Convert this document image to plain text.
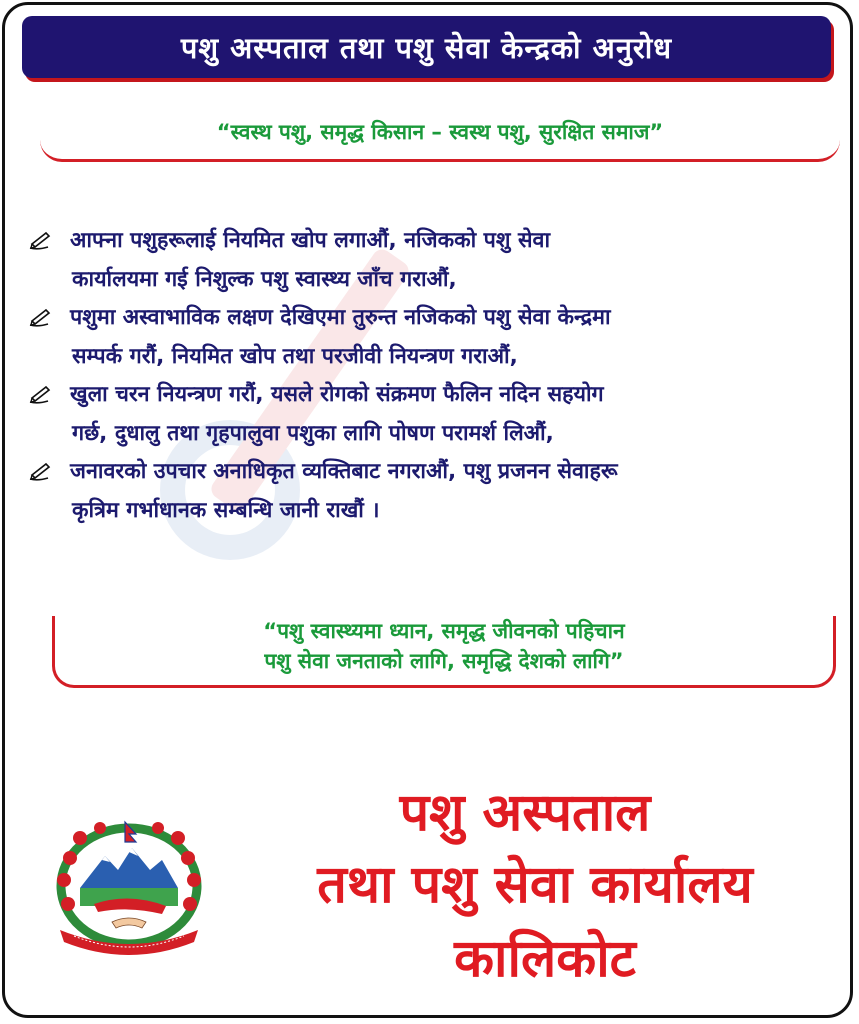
पशु अस्पताल तथा पशु सेवा केन्द्रको अनुरोध
“स्वस्थ पशु, समृद्ध किसान – स्वस्थ पशु, सुरक्षित समाज”
आफ्ना पशुहरूलाई नियमित खोप लगाऔं, नजिकको पशु सेवा
कार्यालयमा गई निशुल्क पशु स्वास्थ्य जाँच गराऔं,
पशुमा अस्वाभाविक लक्षण देखिएमा तुरुन्त नजिकको पशु सेवा केन्द्रमा
सम्पर्क गरौं, नियमित खोप तथा परजीवी नियन्त्रण गराऔं,
खुला चरन नियन्त्रण गरौं, यसले रोगको संक्रमण फैलिन नदिन सहयोग
गर्छ, दुधालु तथा गृहपालुवा पशुका लागि पोषण परामर्श लिऔं,
जनावरको उपचार अनाधिकृत व्यक्तिबाट नगराऔं, पशु प्रजनन सेवाहरू
कृत्रिम गर्भाधानक सम्बन्धि जानी राखौं ।
“पशु स्वास्थ्यमा ध्यान, समृद्ध जीवनको पहिचान
पशु सेवा जनताको लागि, समृद्धि देशको लागि”
पशु अस्पताल
तथा पशु सेवा कार्यालय
कालिकोट
